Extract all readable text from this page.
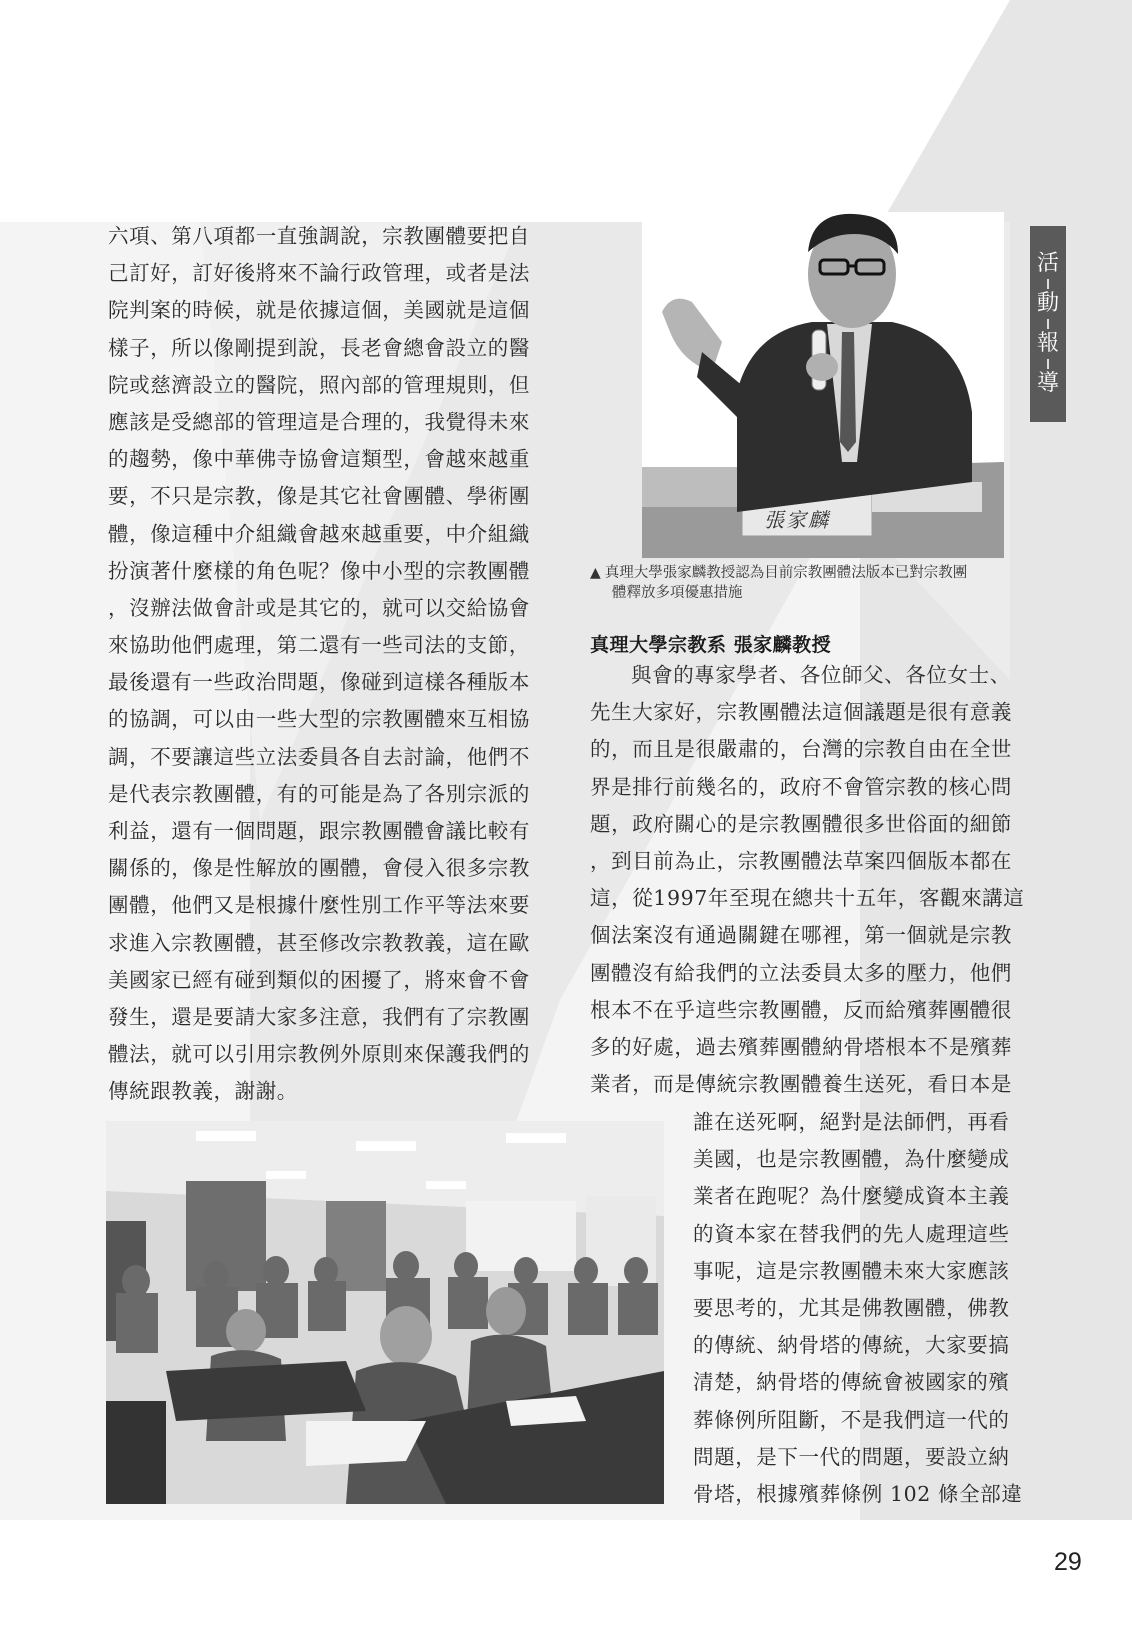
活
動
報
導
六項、第八項都一直強調說，宗教團體要把自
己訂好，訂好後將來不論行政管理，或者是法
院判案的時候，就是依據這個，美國就是這個
樣子，所以像剛提到說，長老會總會設立的醫
院或慈濟設立的醫院，照內部的管理規則，但
應該是受總部的管理這是合理的，我覺得未來
的趨勢，像中華佛寺協會這類型，會越來越重
要，不只是宗教，像是其它社會團體、學術團
體，像這種中介組織會越來越重要，中介組織
扮演著什麼樣的角色呢？像中小型的宗教團體
，沒辦法做會計或是其它的，就可以交給協會
來協助他們處理，第二還有一些司法的支節，
最後還有一些政治問題，像碰到這樣各種版本
的協調，可以由一些大型的宗教團體來互相協
調，不要讓這些立法委員各自去討論，他們不
是代表宗教團體，有的可能是為了各別宗派的
利益，還有一個問題，跟宗教團體會議比較有
關係的，像是性解放的團體，會侵入很多宗教
團體，他們又是根據什麼性別工作平等法來要
求進入宗教團體，甚至修改宗教教義，這在歐
美國家已經有碰到類似的困擾了，將來會不會
發生，還是要請大家多注意，我們有了宗教團
體法，就可以引用宗教例外原則來保護我們的
傳統跟教義，謝謝。
張家麟
▲ 真理大學張家麟教授認為目前宗教團體法版本已對宗教團
體釋放多項優惠措施
真理大學宗教系 張家麟教授
與會的專家學者、各位師父、各位女士、
先生大家好，宗教團體法這個議題是很有意義
的，而且是很嚴肅的，台灣的宗教自由在全世
界是排行前幾名的，政府不會管宗教的核心問
題，政府關心的是宗教團體很多世俗面的細節
，到目前為止，宗教團體法草案四個版本都在
這，從1997年至現在總共十五年，客觀來講這
個法案沒有通過關鍵在哪裡，第一個就是宗教
團體沒有給我們的立法委員太多的壓力，他們
根本不在乎這些宗教團體，反而給殯葬團體很
多的好處，過去殯葬團體納骨塔根本不是殯葬
業者，而是傳統宗教團體養生送死，看日本是
誰在送死啊，絕對是法師們，再看
美國，也是宗教團體，為什麼變成
業者在跑呢？為什麼變成資本主義
的資本家在替我們的先人處理這些
事呢，這是宗教團體未來大家應該
要思考的，尤其是佛教團體，佛教
的傳統、納骨塔的傳統，大家要搞
清楚，納骨塔的傳統會被國家的殯
葬條例所阻斷，不是我們這一代的
問題，是下一代的問題，要設立納
骨塔，根據殯葬條例 102 條全部違
29
